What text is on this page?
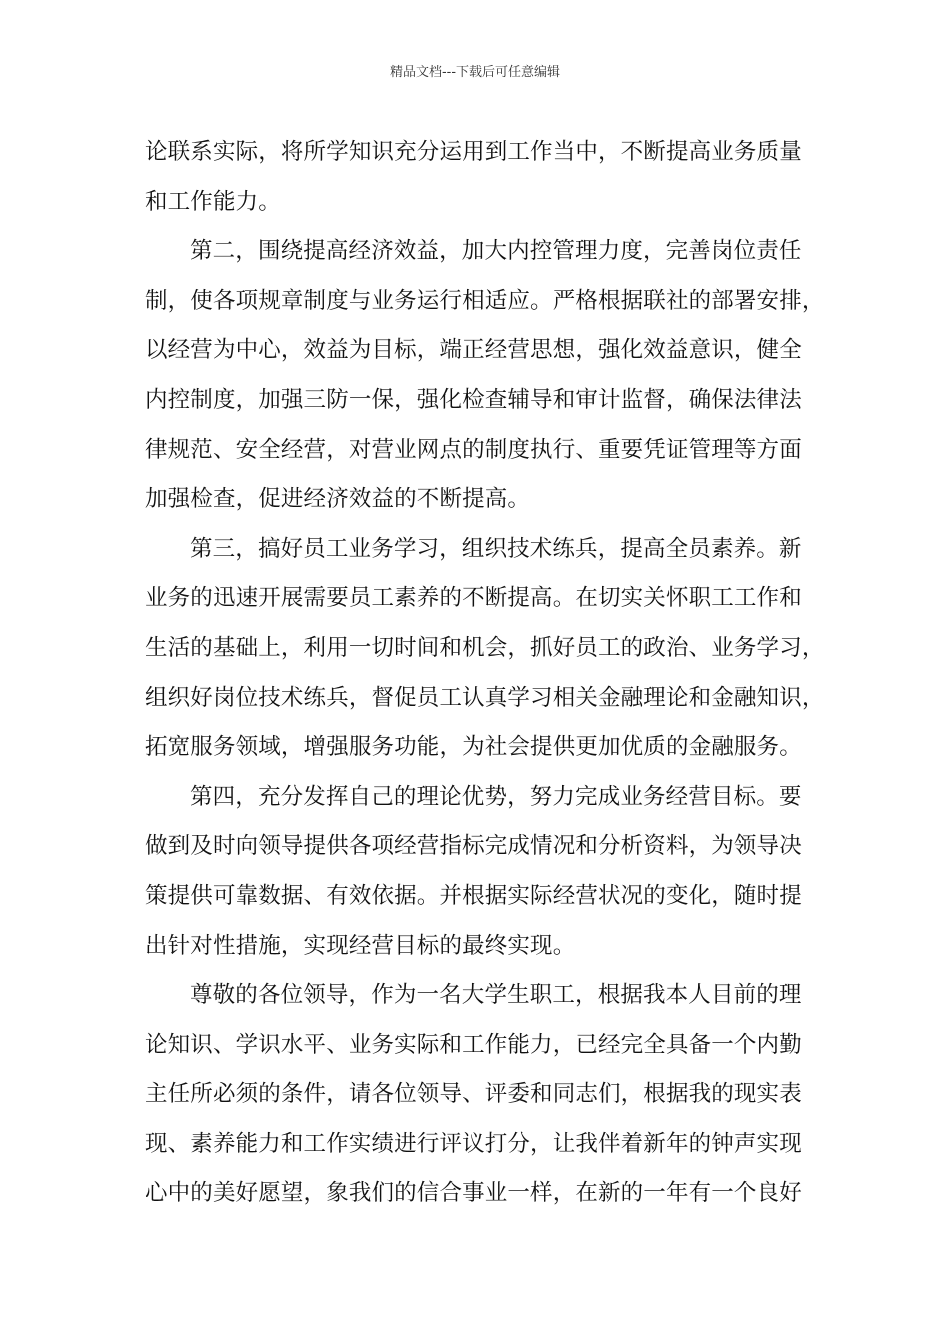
精品文档---下载后可任意编辑
论联系实际，将所学知识充分运用到工作当中，不断提高业务质量
和工作能力。
第二，围绕提高经济效益，加大内控管理力度，完善岗位责任
制，使各项规章制度与业务运行相适应。严格根据联社的部署安排，
以经营为中心，效益为目标，端正经营思想，强化效益意识，健全
内控制度，加强三防一保，强化检查辅导和审计监督，确保法律法
律规范、安全经营，对营业网点的制度执行、重要凭证管理等方面
加强检查，促进经济效益的不断提高。
第三，搞好员工业务学习，组织技术练兵，提高全员素养。新
业务的迅速开展需要员工素养的不断提高。在切实关怀职工工作和
生活的基础上，利用一切时间和机会，抓好员工的政治、业务学习，
组织好岗位技术练兵，督促员工认真学习相关金融理论和金融知识，
拓宽服务领域，增强服务功能，为社会提供更加优质的金融服务。
第四，充分发挥自己的理论优势，努力完成业务经营目标。要
做到及时向领导提供各项经营指标完成情况和分析资料，为领导决
策提供可靠数据、有效依据。并根据实际经营状况的变化，随时提
出针对性措施，实现经营目标的最终实现。
尊敬的各位领导，作为一名大学生职工，根据我本人目前的理
论知识、学识水平、业务实际和工作能力，已经完全具备一个内勤
主任所必须的条件，请各位领导、评委和同志们，根据我的现实表
现、素养能力和工作实绩进行评议打分，让我伴着新年的钟声实现
心中的美好愿望，象我们的信合事业一样，在新的一年有一个良好
